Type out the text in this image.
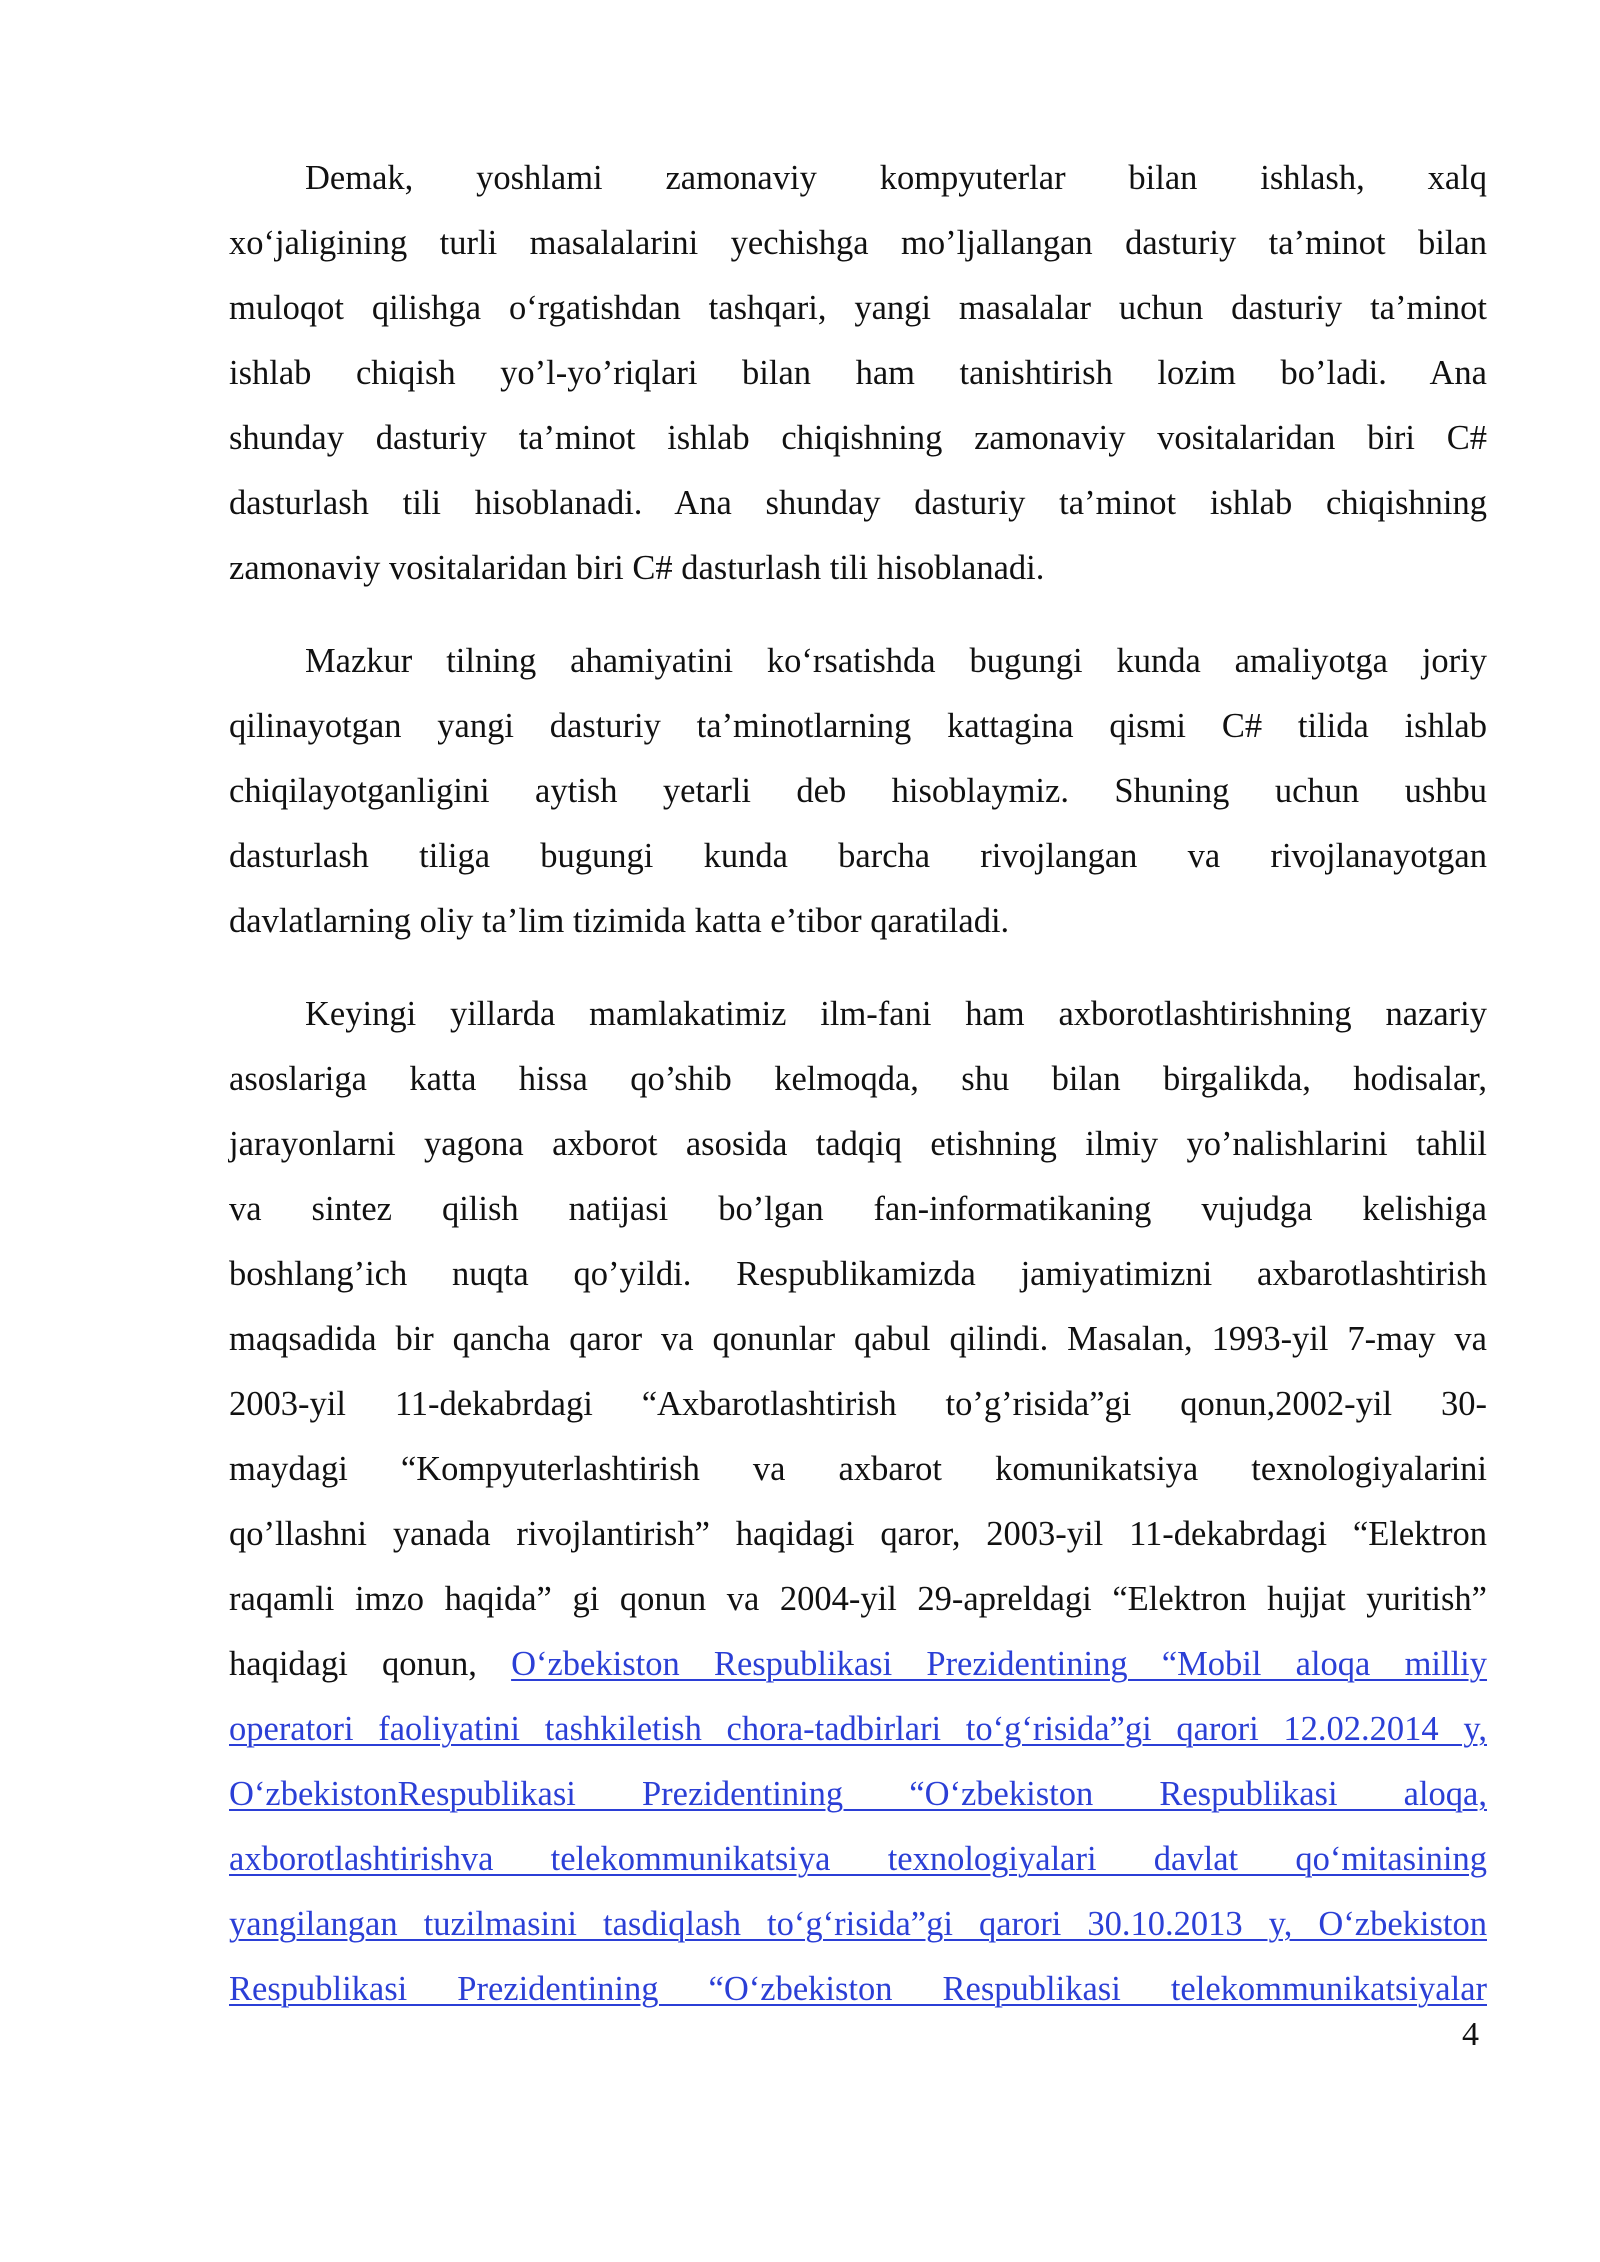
Demak, yoshlami zamonaviy kompyuterlar bilan ishlash, xalq
xo‘jaligining turli masalalarini yechishga mo’ljallangan dasturiy ta’minot bilan
muloqot qilishga o‘rgatishdan tashqari, yangi masalalar uchun dasturiy ta’minot
ishlab chiqish yo’l-yo’riqlari bilan ham tanishtirish lozim bo’ladi. Ana
shunday dasturiy ta’minot ishlab chiqishning zamonaviy vositalaridan biri C#
dasturlash tili hisoblanadi. Ana shunday dasturiy ta’minot ishlab chiqishning
zamonaviy vositalaridan biri C# dasturlash tili hisoblanadi.
Mazkur tilning ahamiyatini ko‘rsatishda bugungi kunda amaliyotga joriy
qilinayotgan yangi dasturiy ta’minotlarning kattagina qismi C# tilida ishlab
chiqilayotganligini aytish yetarli deb hisoblaymiz. Shuning uchun ushbu
dasturlash tiliga bugungi kunda barcha rivojlangan va rivojlanayotgan
davlatlarning oliy ta’lim tizimida katta e’tibor qaratiladi.
Keyingi yillarda mamlakatimiz ilm-fani ham axborotlashtirishning nazariy
asoslariga katta hissa qo’shib kelmoqda, shu bilan birgalikda, hodisalar,
jarayonlarni yagona axborot asosida tadqiq etishning ilmiy yo’nalishlarini tahlil
va sintez qilish natijasi bo’lgan fan-informatikaning vujudga kelishiga
boshlang’ich nuqta qo’yildi. Respublikamizda jamiyatimizni axbarotlashtirish
maqsadida bir qancha qaror va qonunlar qabul qilindi. Masalan, 1993-yil 7-may va
2003-yil 11-dekabrdagi “Axbarotlashtirish to’g’risida”gi qonun,2002-yil 30-
maydagi “Kompyuterlashtirish va axbarot komunikatsiya texnologiyalarini
qo’llashni yanada rivojlantirish” haqidagi qaror, 2003-yil 11-dekabrdagi “Elektron
raqamli imzo haqida” gi qonun va 2004-yil 29-apreldagi “Elektron hujjat yuritish”
haqidagi qonun, O‘zbekiston Respublikasi Prezidentining “Mobil aloqa milliy
operatori faoliyatini tashkiletish chora-tadbirlari to‘g‘risida”gi qarori 12.02.2014 y,
O‘zbekistonRespublikasi Prezidentining “O‘zbekiston Respublikasi aloqa,
axborotlashtirishva telekommunikatsiya texnologiyalari davlat qo‘mitasining
yangilangan tuzilmasini tasdiqlash to‘g‘risida”gi qarori 30.10.2013 y, O‘zbekiston
Respublikasi Prezidentining “O‘zbekiston Respublikasi telekommunikatsiyalar
4
